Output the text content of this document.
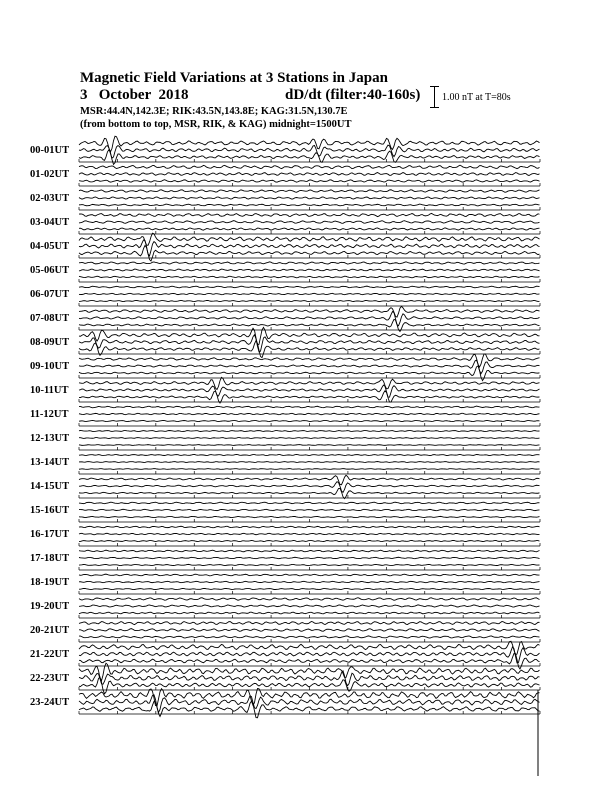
Magnetic Field Variations at 3 Stations in Japan
3   October  2018	dD/dt (filter:40-160s)
MSR:44.4N,142.3E; RIK:43.5N,143.8E; KAG:31.5N,130.7E
(from bottom to top, MSR, RIK, & KAG) midnight=1500UT
1.00 nT at T=80s
00-01UT
01-02UT
02-03UT
03-04UT
04-05UT
05-06UT
06-07UT
07-08UT
08-09UT
09-10UT
10-11UT
11-12UT
12-13UT
13-14UT
14-15UT
15-16UT
16-17UT
17-18UT
18-19UT
19-20UT
20-21UT
21-22UT
22-23UT
23-24UT
